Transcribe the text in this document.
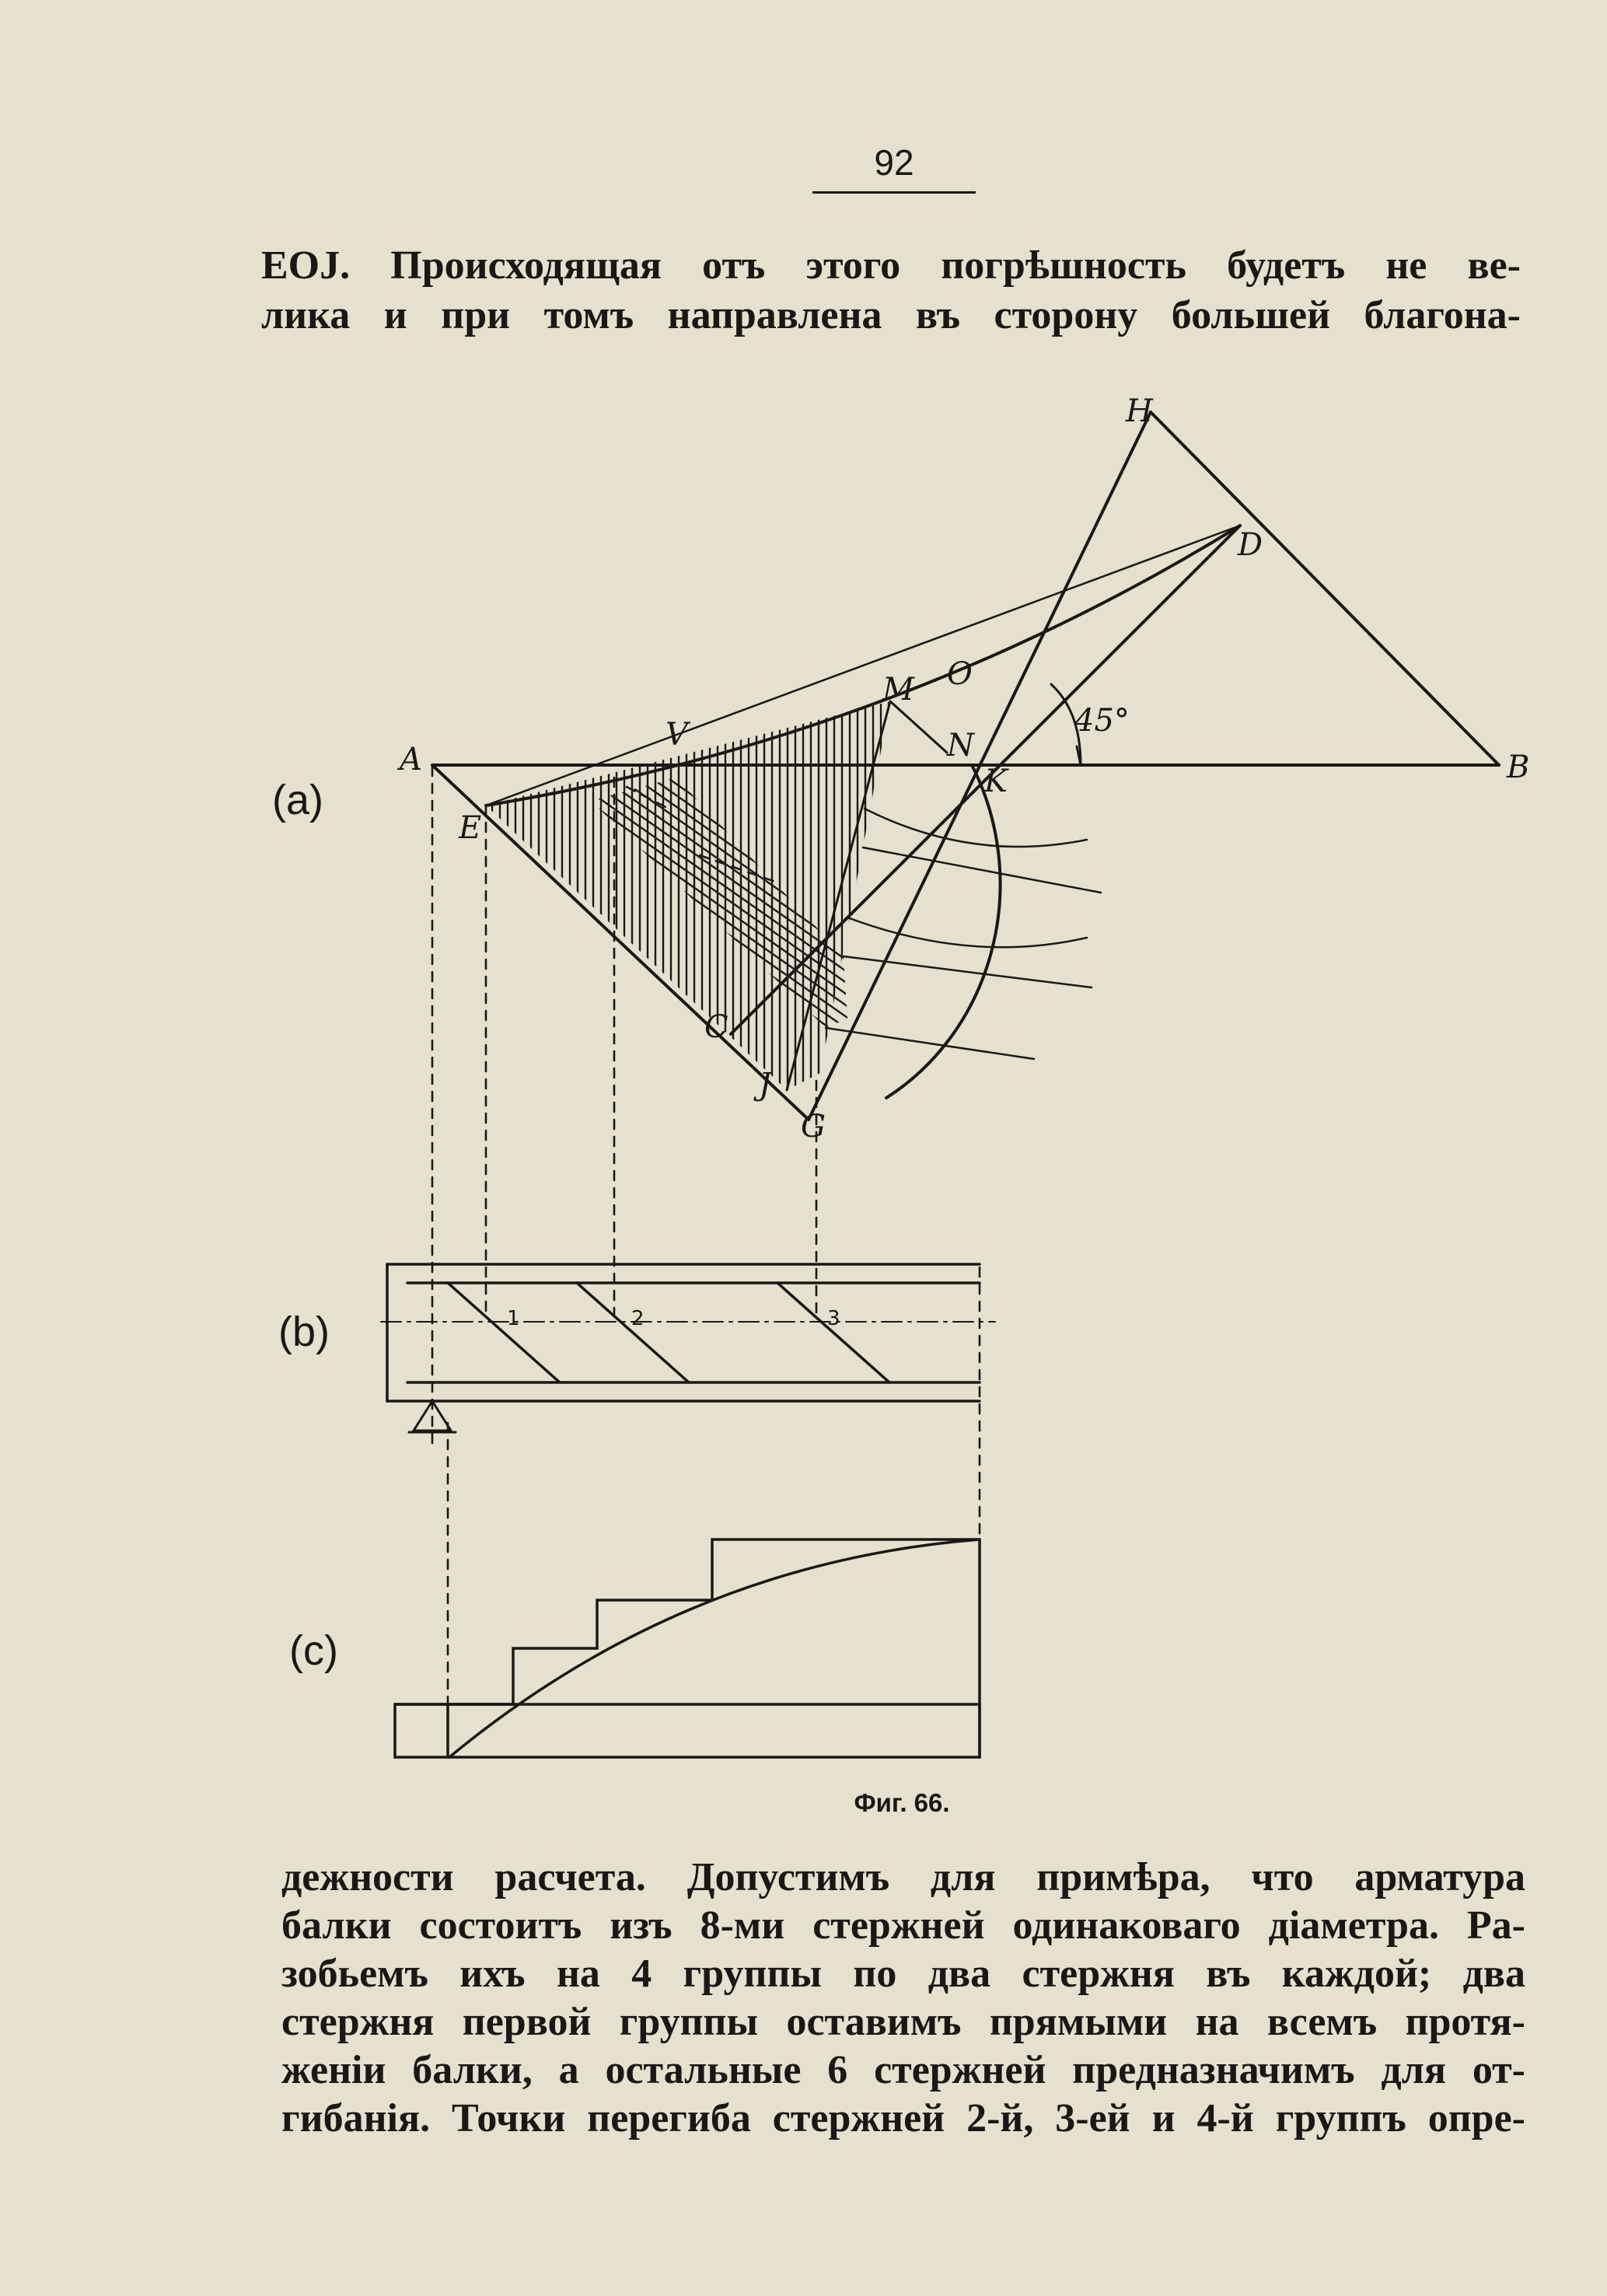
92
EOJ. Происходящая отъ этого погрѣшность будетъ не ве-
лика и при томъ направлена въ сторону большей благона-
(a)
(b)
(c)
A	B
E
V
M O
N
K
D
H
C
J
G
45°
1	2	3
Фиг. 66.
дежности расчета. Допустимъ для примѣра, что арматура
балки состоитъ изъ 8-ми стержней одинаковаго діаметра. Ра-
зобьемъ ихъ на 4 группы по два стержня въ каждой; два
стержня первой группы оставимъ прямыми на всемъ протя-
женіи балки, а остальные 6 стержней предназначимъ для от-
гибанія. Точки перегиба стержней 2-й, 3-ей и 4-й группъ опре-
